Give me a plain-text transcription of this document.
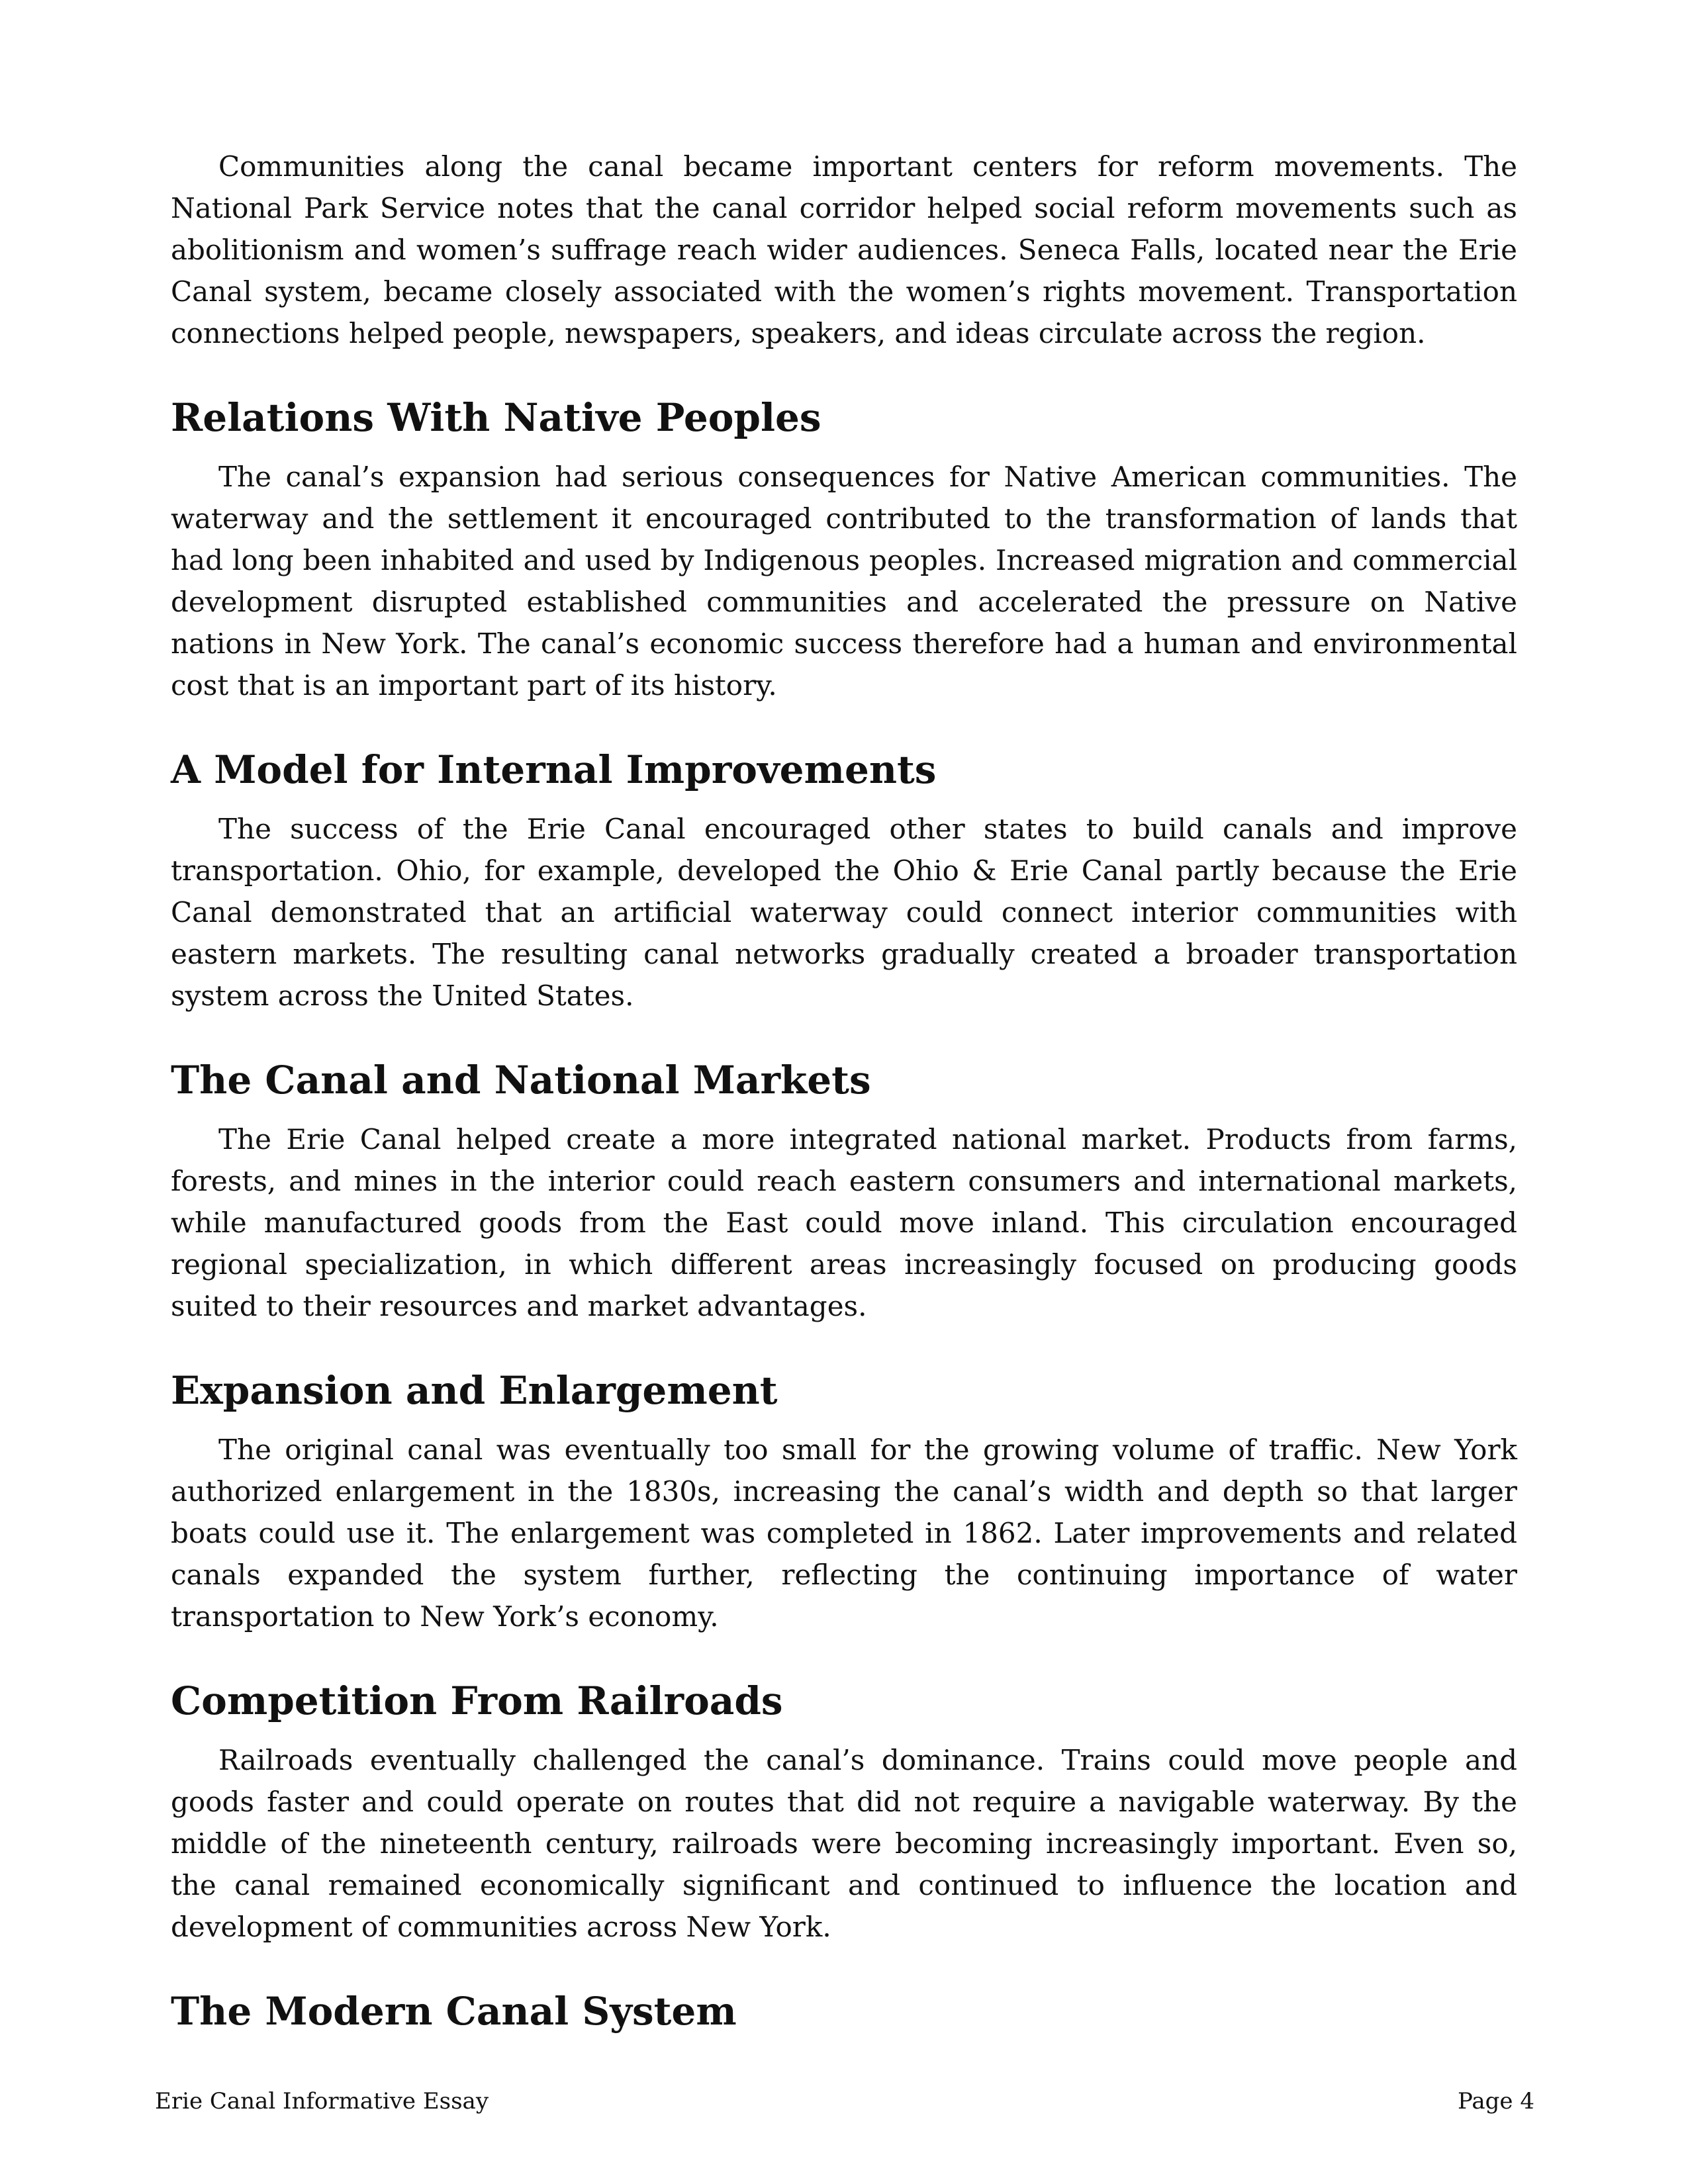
Communities along the canal became important centers for reform movements. The National Park Service notes that the canal corridor helped social reform movements such as abolitionism and women’s suffrage reach wider audiences. Seneca Falls, located near the Erie Canal system, became closely associated with the women’s rights movement. Transportation connections helped people, newspapers, speakers, and ideas circulate across the region.

Relations With Native Peoples

The canal’s expansion had serious consequences for Native American communities. The waterway and the settlement it encouraged contributed to the transformation of lands that had long been inhabited and used by Indigenous peoples. Increased migration and commercial development disrupted established communities and accelerated the pressure on Native nations in New York. The canal’s economic success therefore had a human and environmental cost that is an important part of its history.

A Model for Internal Improvements

The success of the Erie Canal encouraged other states to build canals and improve transportation. Ohio, for example, developed the Ohio & Erie Canal partly because the Erie Canal demonstrated that an artificial waterway could connect interior communities with eastern markets. The resulting canal networks gradually created a broader transportation system across the United States.

The Canal and National Markets

The Erie Canal helped create a more integrated national market. Products from farms, forests, and mines in the interior could reach eastern consumers and international markets, while manufactured goods from the East could move inland. This circulation encouraged regional specialization, in which different areas increasingly focused on producing goods suited to their resources and market advantages.

Expansion and Enlargement

The original canal was eventually too small for the growing volume of traffic. New York authorized enlargement in the 1830s, increasing the canal’s width and depth so that larger boats could use it. The enlargement was completed in 1862. Later improvements and related canals expanded the system further, reflecting the continuing importance of water transportation to New York’s economy.

Competition From Railroads

Railroads eventually challenged the canal’s dominance. Trains could move people and goods faster and could operate on routes that did not require a navigable waterway. By the middle of the nineteenth century, railroads were becoming increasingly important. Even so, the canal remained economically significant and continued to influence the location and development of communities across New York.

The Modern Canal System
Erie Canal Informative Essay	Page 4
